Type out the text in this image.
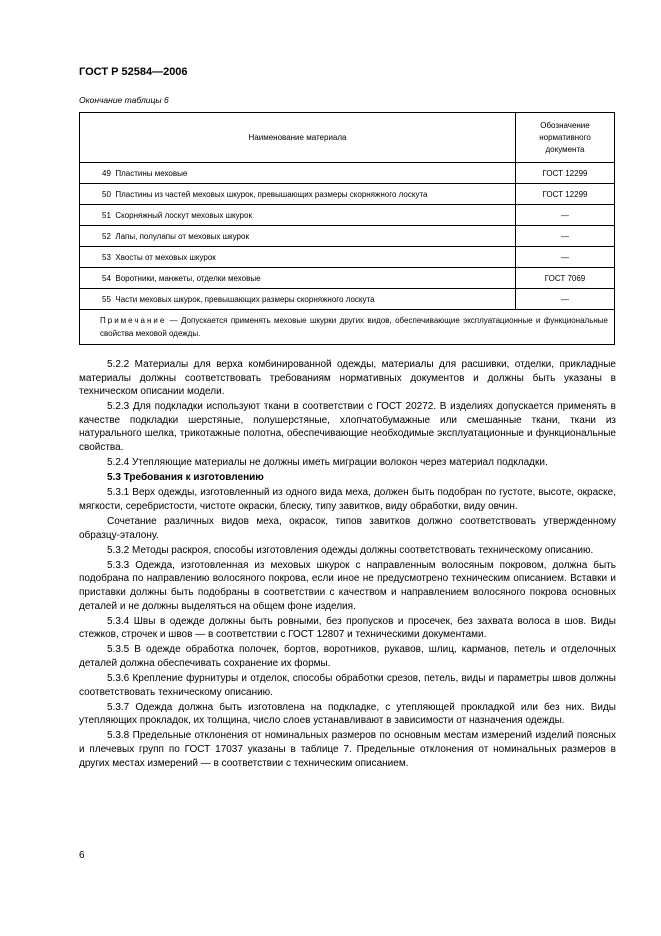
ГОСТ Р 52584—2006
Окончание таблицы 6
Наименование материала	Обозначение нормативного документа
49 Пластины меховые	ГОСТ 12299
50 Пластины из частей меховых шкурок, превышающих размеры скорняжного лоскута	ГОСТ 12299
51 Скорняжный лоскут меховых шкурок	—
52 Лапы, полулапы от меховых шкурок	—
53 Хвосты от меховых шкурок	—
54 Воротники, манжеты, отделки меховые	ГОСТ 7069
55 Части меховых шкурок, превышающих размеры скорняжного лоскута	—
Примечание — Допускается применять меховые шкурки других видов, обеспечивающие эксплуатационные и функциональные свойства меховой одежды.	

5.2.2 Материалы для верха комбинированной одежды, материалы для расшивки, отделки, прикладные материалы должны соответствовать требованиям нормативных документов и должны быть указаны в техническом описании модели.

5.2.3 Для подкладки используют ткани в соответствии с ГОСТ 20272. В изделиях допускается применять в качестве подкладки шерстяные, полушерстяные, хлопчатобумажные или смешанные ткани, ткани из натурального шелка, трикотажные полотна, обеспечивающие необходимые эксплуатационные и функциональные свойства.

5.2.4 Утепляющие материалы не должны иметь миграции волокон через материал подкладки.

5.3 Требования к изготовлению

5.3.1 Верх одежды, изготовленный из одного вида меха, должен быть подобран по густоте, высоте, окраске, мягкости, серебристости, чистоте окраски, блеску, типу завитков, виду обработки, виду овчин.

Сочетание различных видов меха, окрасок, типов завитков должно соответствовать утвержденному образцу-эталону.

5.3.2 Методы раскроя, способы изготовления одежды должны соответствовать техническому описанию.

5.3.3 Одежда, изготовленная из меховых шкурок с направленным волосяным покровом, должна быть подобрана по направлению волосяного покрова, если иное не предусмотрено техническим описанием. Вставки и приставки должны быть подобраны в соответствии с качеством и направлением волосяного покрова основных деталей и не должны выделяться на общем фоне изделия.

5.3.4 Швы в одежде должны быть ровными, без пропусков и просечек, без захвата волоса в шов. Виды стежков, строчек и швов — в соответствии с ГОСТ 12807 и техническими документами.

5.3.5 В одежде обработка полочек, бортов, воротников, рукавов, шлиц, карманов, петель и отделочных деталей должна обеспечивать сохранение их формы.

5.3.6 Крепление фурнитуры и отделок, способы обработки срезов, петель, виды и параметры швов должны соответствовать техническому описанию.

5.3.7 Одежда должна быть изготовлена на подкладке, с утепляющей прокладкой или без них. Виды утепляющих прокладок, их толщина, число слоев устанавливают в зависимости от назначения одежды.

5.3.8 Предельные отклонения от номинальных размеров по основным местам измерений изделий поясных и плечевых групп по ГОСТ 17037 указаны в таблице 7. Предельные отклонения от номинальных размеров в других местах измерений — в соответствии с техническим описанием.

6
